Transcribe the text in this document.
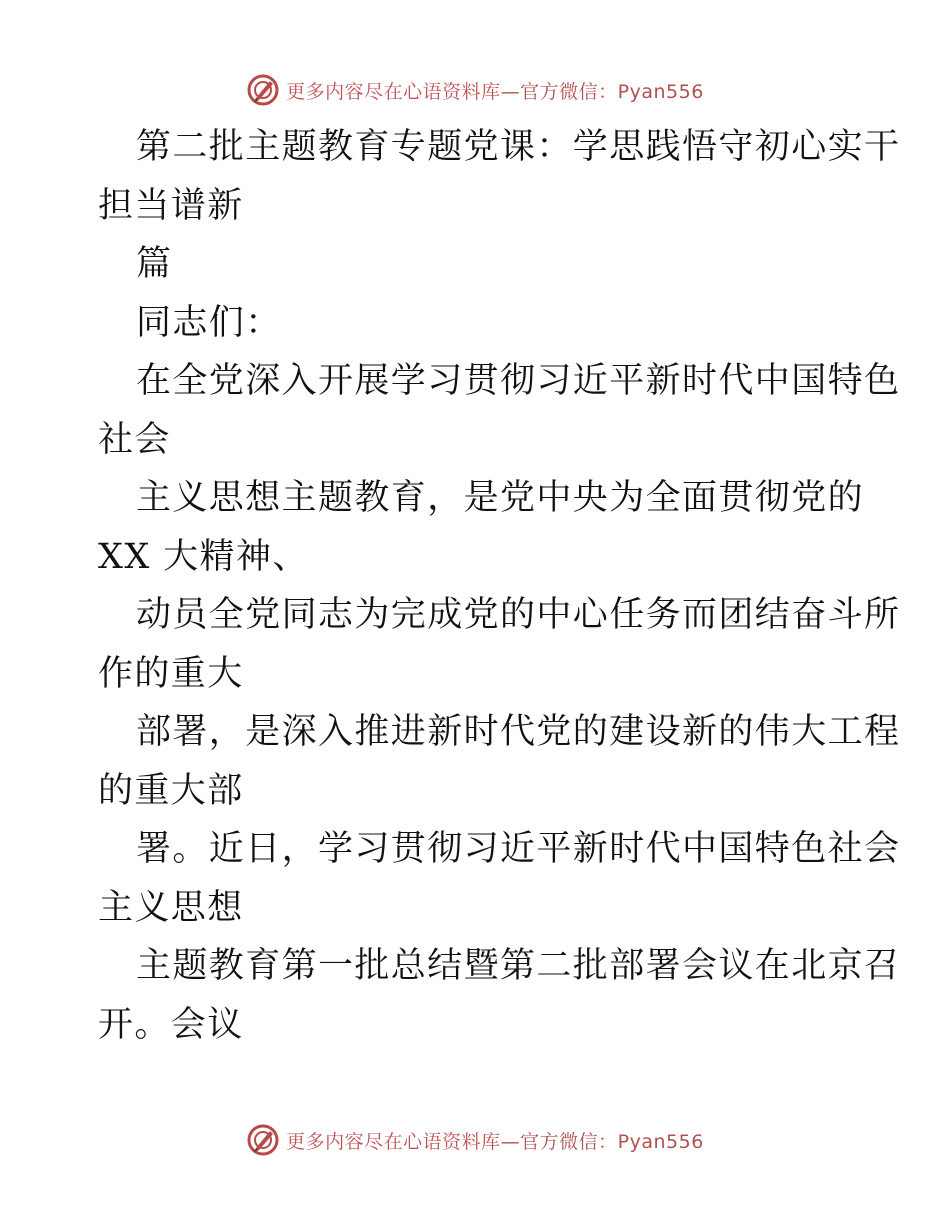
更多内容尽在心语资料库—官方微信：Pyan556
第二批主题教育专题党课：学思践悟守初心实干
担当谱新
篇
同志们：
在全党深入开展学习贯彻习近平新时代中国特色
社会
主义思想主题教育，是党中央为全面贯彻党的
XX 大精神、
动员全党同志为完成党的中心任务而团结奋斗所
作的重大
部署，是深入推进新时代党的建设新的伟大工程
的重大部
署。近日，学习贯彻习近平新时代中国特色社会
主义思想
主题教育第一批总结暨第二批部署会议在北京召
开。会议
更多内容尽在心语资料库—官方微信：Pyan556
